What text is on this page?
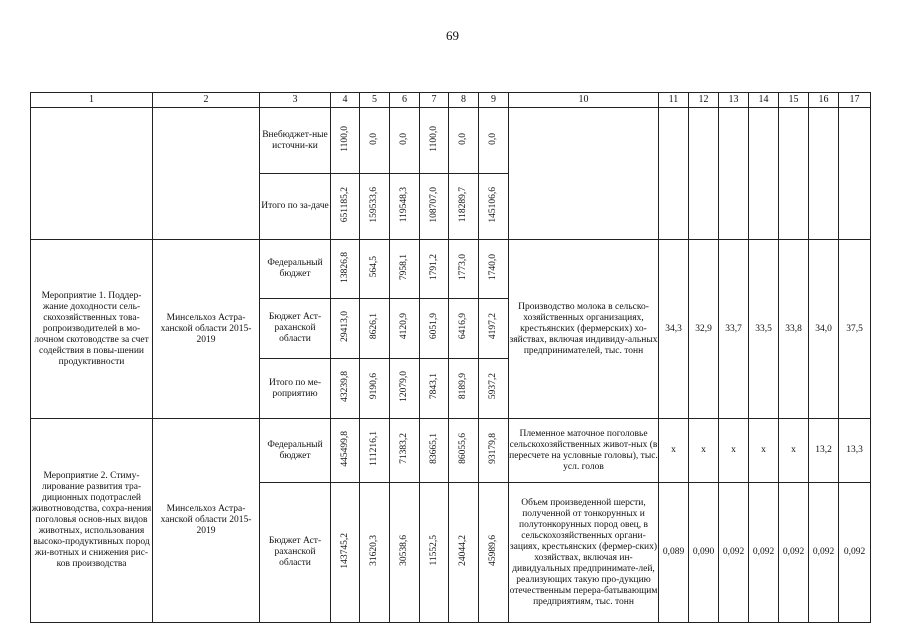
69
1	2	3	4	5	6	7	8	9	10	11	12	13	14	15	16	17
		Внебюджет-ные источни-ки	1100,0	0,0	0,0	1100,0	0,0	0,0								
		Итого по за-даче	651185,2	159533,6	119548,3	108707,0	118289,7	145106,6								
Мероприятие 1. Поддер-жание доходности сель-скохозяйственных това-ропроизводителей в мо-лочном скотоводстве за счет содействия в повы-шении продуктивности	Минсельхоз Астра-ханской области 2015-2019	Федеральный бюджет	13826,8	564,5	7958,1	1791,2	1773,0	1740,0	Производство молока в сельско-хозяйственных организациях, крестьянских (фермерских) хо-зяйствах, включая индивиду-альных предпринимателей, тыс. тонн	34,3	32,9	33,7	33,5	33,8	34,0	37,5
		Бюджет Аст-раханской области	29413,0	8626,1	4120,9	6051,9	6416,9	4197,2								
		Итого по ме-роприятию	43239,8	9190,6	12079,0	7843,1	8189,9	5937,2								
Мероприятие 2. Стиму-лирование развития тра-диционных подотраслей животноводства, сохра-нения поголовья основ-ных видов животных, использования высоко-продуктивных пород жи-вотных и снижения рис-ков производства	Минсельхоз Астра-ханской области 2015-2019	Федеральный бюджет	445499,8	111216,1	71383,2	83665,1	86055,6	93179,8	Племенное маточное поголовье сельскохозяйственных живот-ных (в пересчете на условные головы), тыс. усл. голов	х	х	х	х	х	13,2	13,3
		Бюджет Аст-раханской области	143745,2	31620,3	30538,6	11552,5	24044,2	45989,6	Объем произведенной шерсти, полученной от тонкорунных и полутонкорунных пород овец, в сельскохозяйственных органи-зациях, крестьянских (фермер-ских) хозяйствах, включая ин-дивидуальных предпринимате-лей, реализующих такую про-дукцию отечественным перера-батывающим предприятиям, тыс. тонн	0,089	0,090	0,092	0,092	0,092	0,092	0,092
